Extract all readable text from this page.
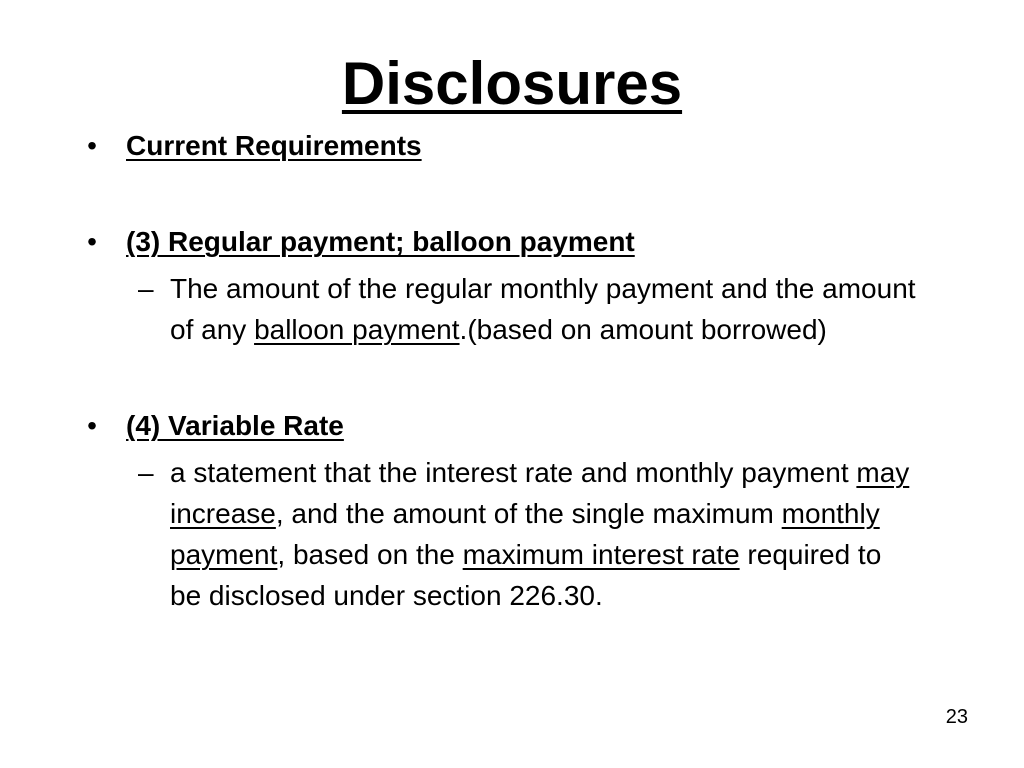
Disclosures
• Current Requirements
• (3) Regular payment; balloon payment
– The amount of the regular monthly payment and the amount of any balloon payment.(based on amount borrowed)
• (4) Variable Rate
– a statement that the interest rate and monthly payment may increase, and the amount of the single maximum monthly payment, based on the maximum interest rate required to be disclosed under section 226.30.
23
